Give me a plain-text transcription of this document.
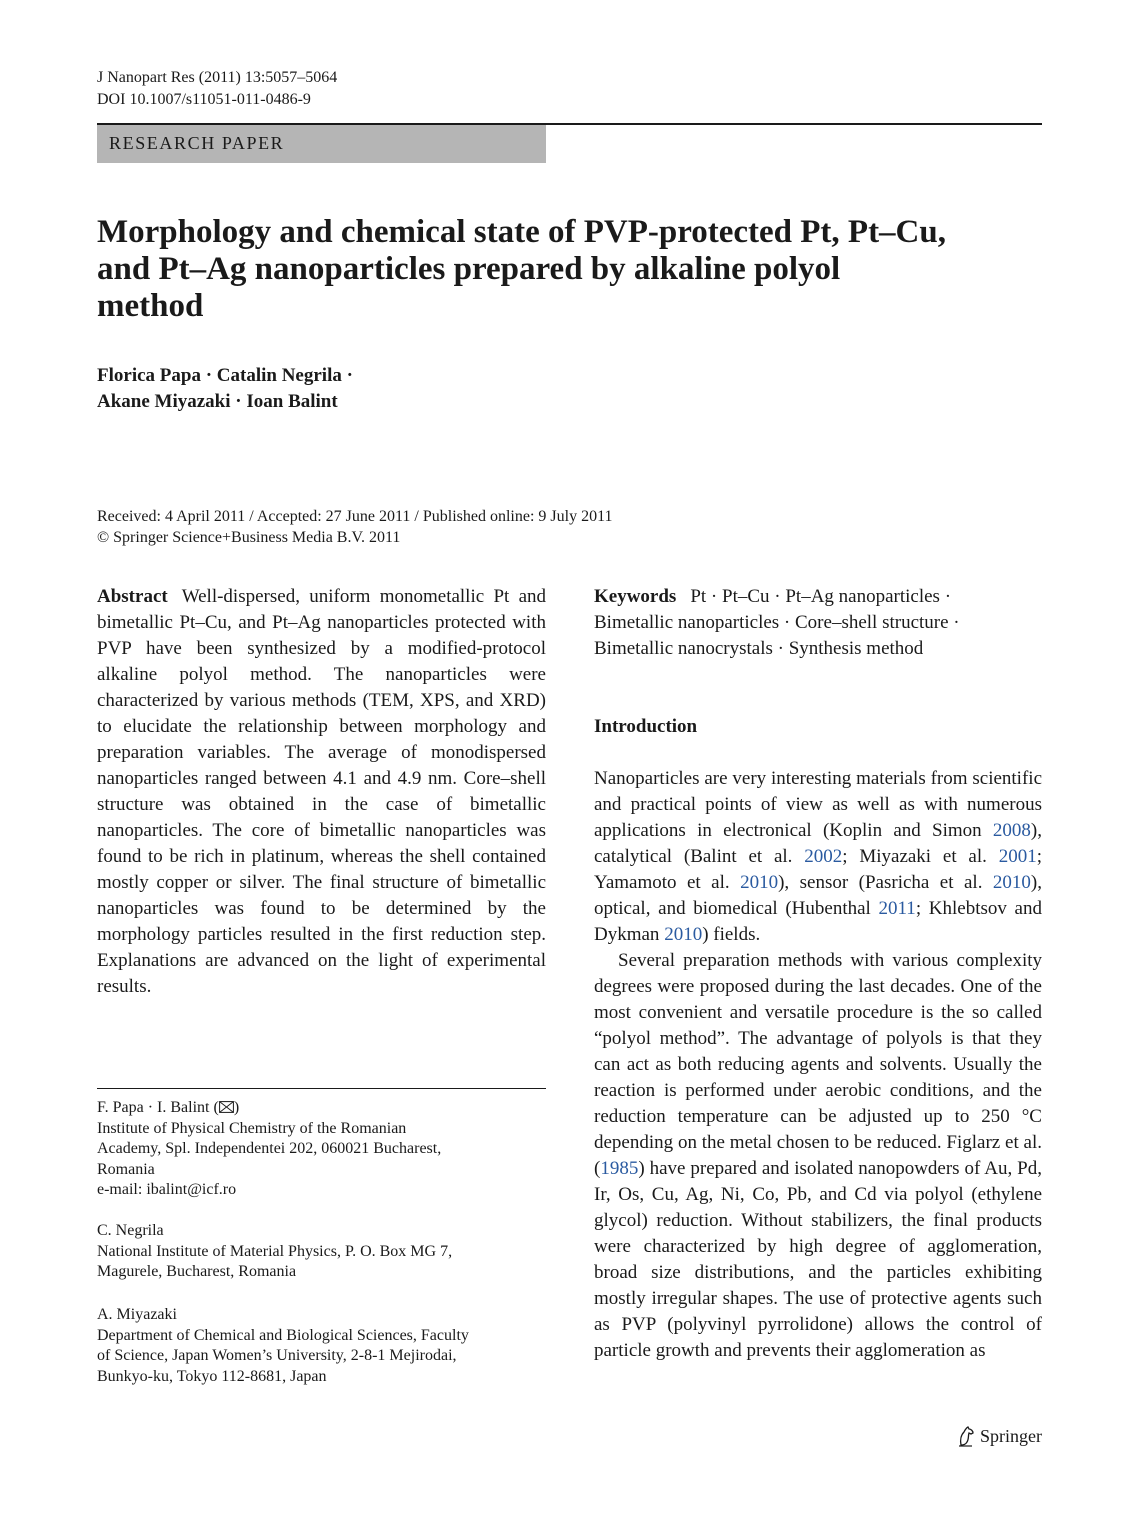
J Nanopart Res (2011) 13:5057–5064
DOI 10.1007/s11051-011-0486-9
RESEARCH PAPER
Morphology and chemical state of PVP-protected Pt, Pt–Cu,
and Pt–Ag nanoparticles prepared by alkaline polyol
method
Florica Papa · Catalin Negrila ·
Akane Miyazaki · Ioan Balint
Received: 4 April 2011 / Accepted: 27 June 2011 / Published online: 9 July 2011
© Springer Science+Business Media B.V. 2011
Abstract Well-dispersed, uniform monometallic Pt and bimetallic Pt–Cu, and Pt–Ag nanoparticles protected with PVP have been synthesized by a modified-protocol alkaline polyol method. The nanoparticles were characterized by various methods (TEM, XPS, and XRD) to elucidate the relationship between morphology and preparation variables. The average of monodispersed nanoparticles ranged between 4.1 and 4.9 nm. Core–shell structure was obtained in the case of bimetallic nanoparticles. The core of bimetallic nanoparticles was found to be rich in platinum, whereas the shell contained mostly copper or silver. The final structure of bimetallic nanoparticles was found to be determined by the morphology particles resulted in the first reduction step. Explanations are advanced on the light of experimental results.
Keywords Pt · Pt–Cu · Pt–Ag nanoparticles ·
Bimetallic nanoparticles · Core–shell structure ·
Bimetallic nanocrystals · Synthesis method
Introduction

Nanoparticles are very interesting materials from scientific and practical points of view as well as with numerous applications in electronical (Koplin and Simon 2008), catalytical (Balint et al. 2002; Miyazaki et al. 2001; Yamamoto et al. 2010), sensor (Pasricha et al. 2010), optical, and biomedical (Hubenthal 2011; Khlebtsov and Dykman 2010) fields.

Several preparation methods with various complexity degrees were proposed during the last decades. One of the most convenient and versatile procedure is the so called “polyol method”. The advantage of polyols is that they can act as both reducing agents and solvents. Usually the reaction is performed under aerobic conditions, and the reduction temperature can be adjusted up to 250 °C depending on the metal chosen to be reduced. Figlarz et al. (1985) have prepared and isolated nanopowders of Au, Pd, Ir, Os, Cu, Ag, Ni, Co, Pb, and Cd via polyol (ethylene glycol) reduction. Without stabilizers, the final products were characterized by high degree of agglomeration, broad size distributions, and the particles exhibiting mostly irregular shapes. The use of protective agents such as PVP (polyvinyl pyrrolidone) allows the control of particle growth and prevents their agglomeration as

F. Papa · I. Balint ( )
Institute of Physical Chemistry of the Romanian
Academy, Spl. Independentei 202, 060021 Bucharest,
Romania
e-mail: ibalint@icf.ro
C. Negrila
National Institute of Material Physics, P. O. Box MG 7,
Magurele, Bucharest, Romania
A. Miyazaki
Department of Chemical and Biological Sciences, Faculty
of Science, Japan Women’s University, 2-8-1 Mejirodai,
Bunkyo-ku, Tokyo 112-8681, Japan
Springer
